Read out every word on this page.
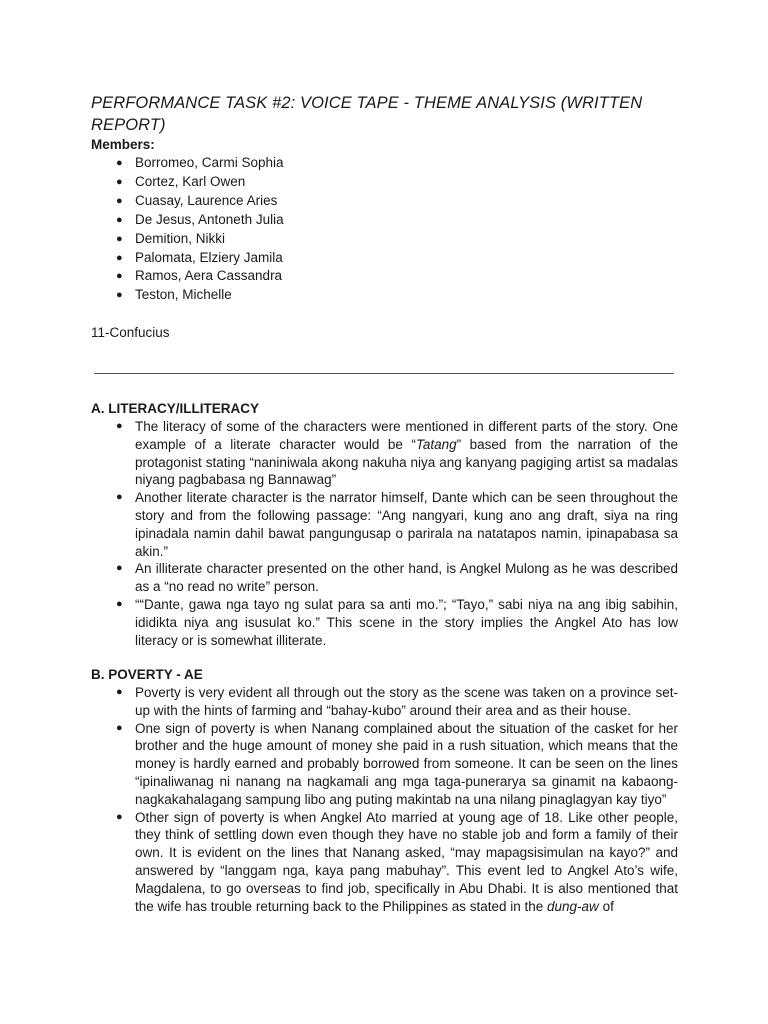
PERFORMANCE TASK #2: VOICE TAPE - THEME ANALYSIS (WRITTEN REPORT)
Members:
● Borromeo, Carmi Sophia
● Cortez, Karl Owen
● Cuasay, Laurence Aries
● De Jesus, Antoneth Julia
● Demition, Nikki
● Palomata, Elziery Jamila
● Ramos, Aera Cassandra
● Teston, Michelle
11-Confucius
A. LITERACY/ILLITERACY
● The literacy of some of the characters were mentioned in different parts of the story. One example of a literate character would be “Tatang” based from the narration of the protagonist stating “naniniwala akong nakuha niya ang kanyang pagiging artist sa madalas niyang pagbabasa ng Bannawag”
● Another literate character is the narrator himself, Dante which can be seen throughout the story and from the following passage: “Ang nangyari, kung ano ang draft, siya na ring ipinadala namin dahil bawat pangungusap o parirala na natatapos namin, ipinapabasa sa akin.”
● An illiterate character presented on the other hand, is Angkel Mulong as he was described as a “no read no write” person.
● ““Dante, gawa nga tayo ng sulat para sa anti mo.”; “Tayo,” sabi niya na ang ibig sabihin, ididikta niya ang isusulat ko.” This scene in the story implies the Angkel Ato has low literacy or is somewhat illiterate.
B. POVERTY - AE
● Poverty is very evident all through out the story as the scene was taken on a province set-up with the hints of farming and “bahay-kubo” around their area and as their house.
● One sign of poverty is when Nanang complained about the situation of the casket for her brother and the huge amount of money she paid in a rush situation, which means that the money is hardly earned and probably borrowed from someone. It can be seen on the lines “ipinaliwanag ni nanang na nagkamali ang mga taga-punerarya sa ginamit na kabaong- nagkakahalagang sampung libo ang puting makintab na una nilang pinaglagyan kay tiyo”
● Other sign of poverty is when Angkel Ato married at young age of 18. Like other people, they think of settling down even though they have no stable job and form a family of their own. It is evident on the lines that Nanang asked, “may mapagsisimulan na kayo?” and answered by “langgam nga, kaya pang mabuhay”. This event led to Angkel Ato’s wife, Magdalena, to go overseas to find job, specifically in Abu Dhabi. It is also mentioned that the wife has trouble returning back to the Philippines as stated in the dung-aw of
